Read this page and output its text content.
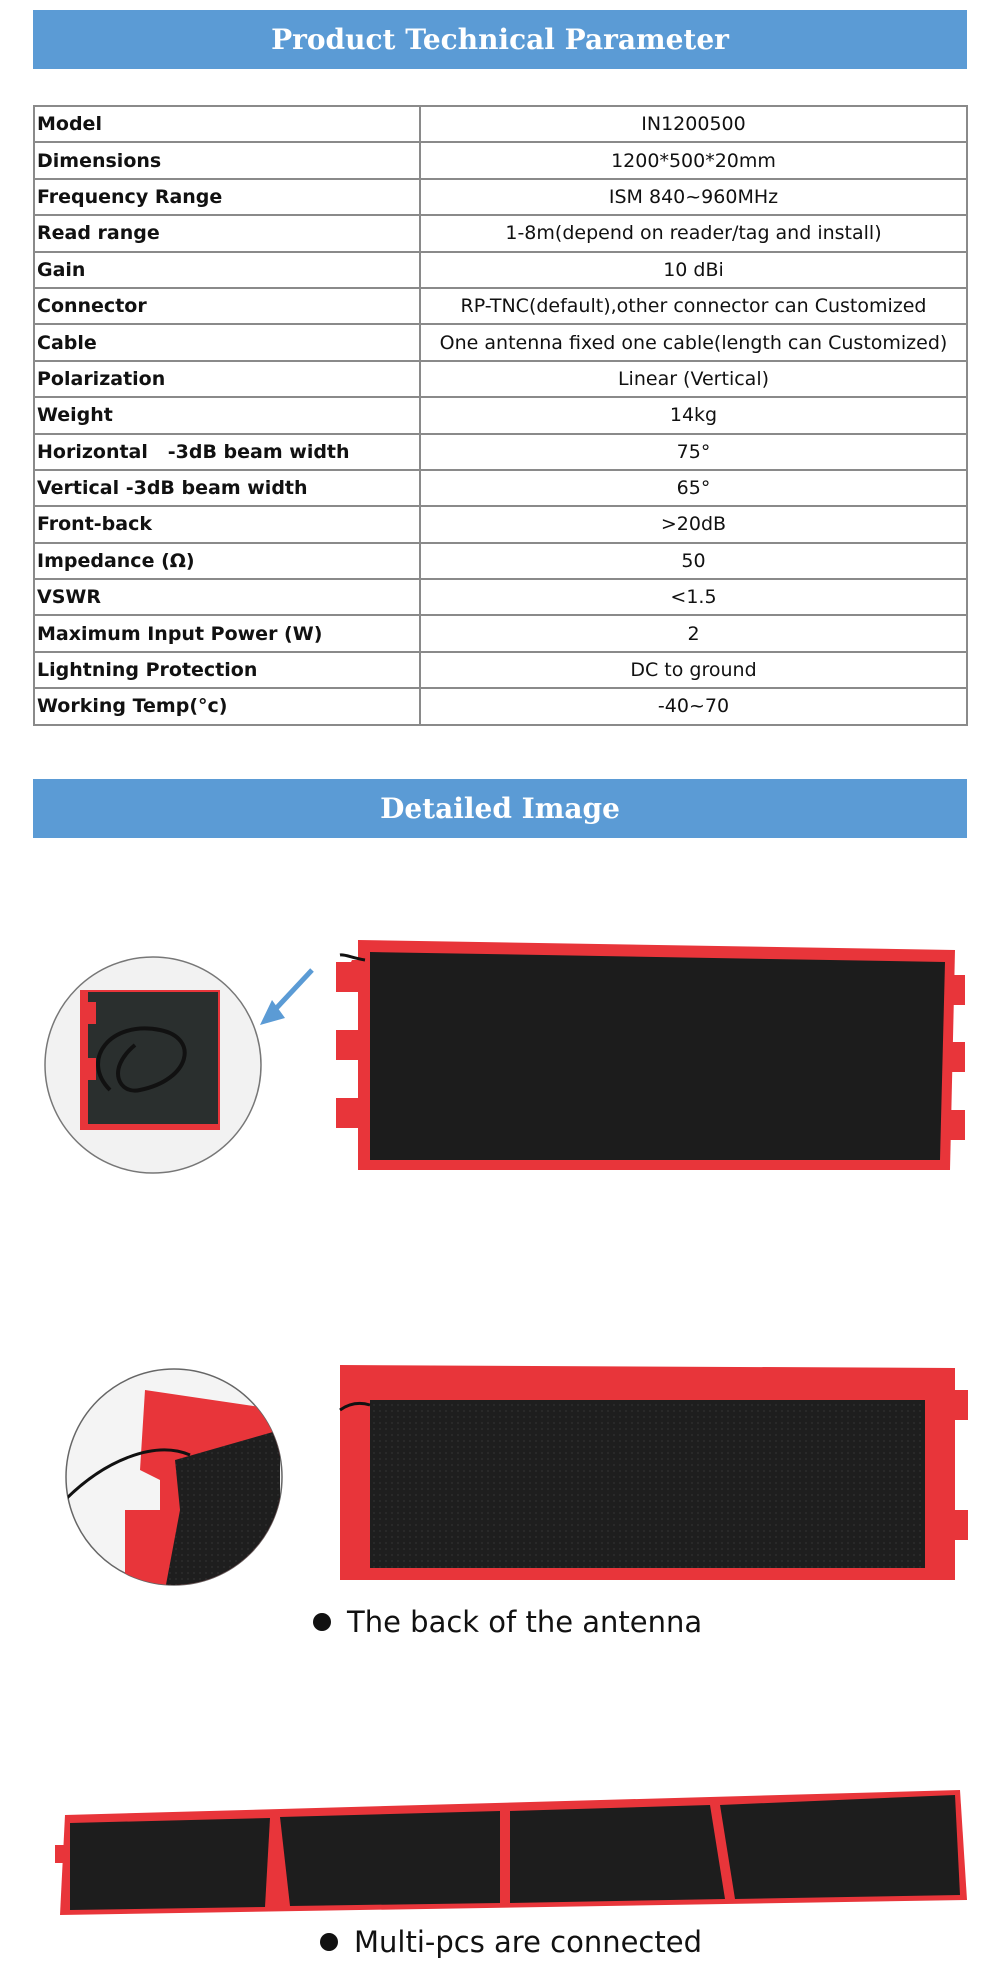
Product Technical Parameter
Model	IN1200500
Dimensions	1200*500*20mm
Frequency Range	ISM 840~960MHz
Read range	1-8m(depend on reader/tag and install)
Gain	10 dBi
Connector	RP-TNC(default),other connector can Customized
Cable	One antenna fixed one cable(length can Customized)
Polarization	Linear (Vertical)
Weight	14kg
Horizontal   -3dB beam width	75°
Vertical -3dB beam width	65°
Front-back	>20dB
Impedance (Ω)	50
VSWR	<1.5
Maximum Input Power (W)	2
Lightning Protection	DC to ground
Working Temp(°c)	-40~70
Detailed Image
The back of the antenna
Multi-pcs are connected
